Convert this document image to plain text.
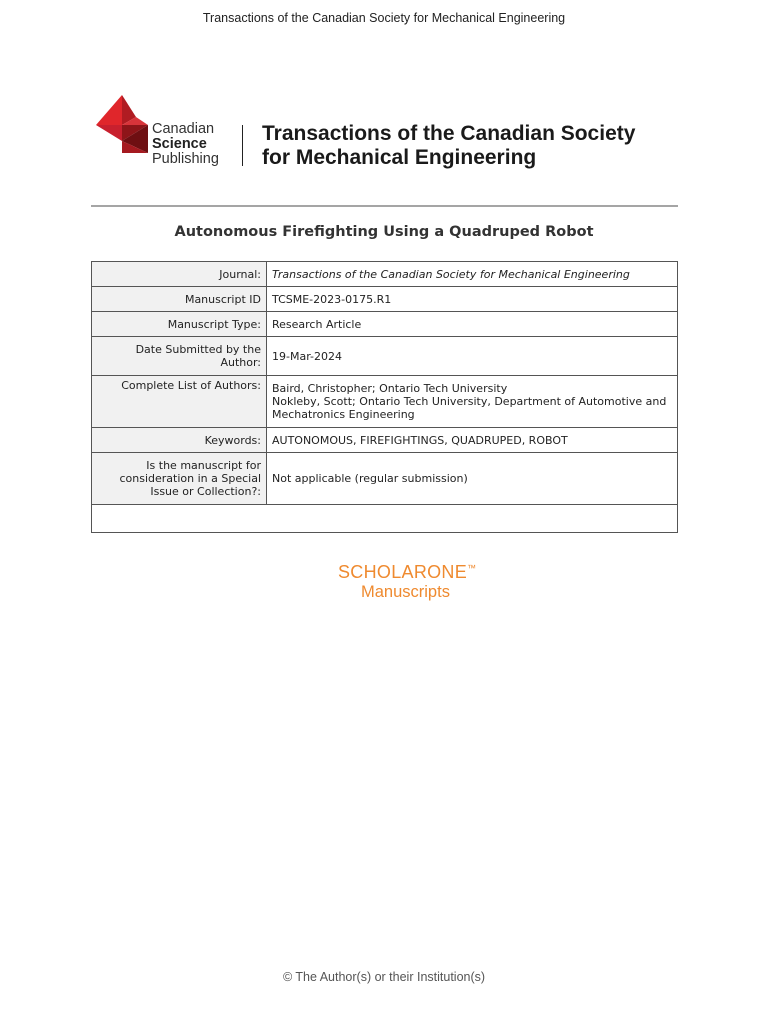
Transactions of the Canadian Society for Mechanical Engineering
Canadian
Science
Publishing
Transactions of the Canadian Society
for Mechanical Engineering
Autonomous Firefighting Using a Quadruped Robot
Journal:	Transactions of the Canadian Society for Mechanical Engineering
Manuscript ID	TCSME-2023-0175.R1
Manuscript Type:	Research Article

Date Submitted by the
Author:	19-Mar-2024
Complete List of Authors:	Baird, Christopher; Ontario Tech University
Nokleby, Scott; Ontario Tech University, Department of Automotive and
Mechatronics Engineering

Keywords:	AUTONOMOUS, FIREFIGHTINGS, QUADRUPED, ROBOT

Is the manuscript for
consideration in a Special
Issue or Collection?:	Not applicable (regular submission)

SCHOLARONE™
Manuscripts
© The Author(s) or their Institution(s)
